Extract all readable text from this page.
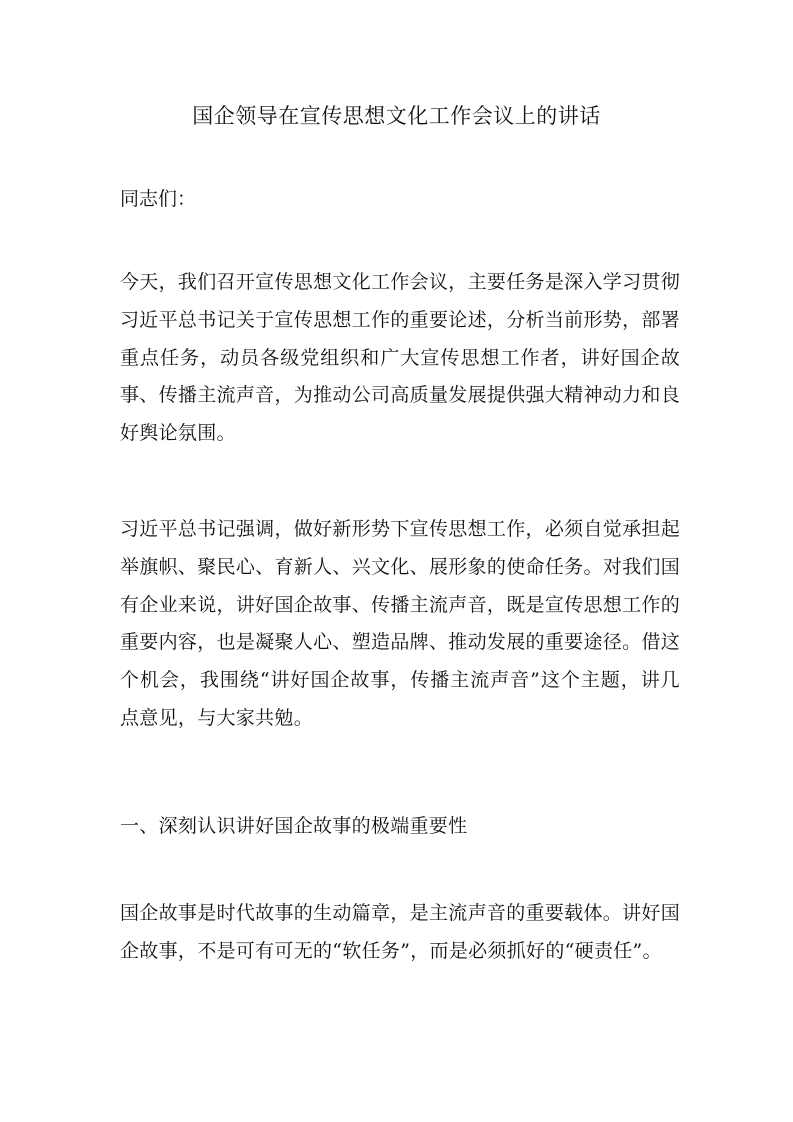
国企领导在宣传思想文化工作会议上的讲话
同志们：

今天，我们召开宣传思想文化工作会议，主要任务是深入学习贯彻习近平总书记关于宣传思想工作的重要论述，分析当前形势，部署重点任务，动员各级党组织和广大宣传思想工作者，讲好国企故事、传播主流声音，为推动公司高质量发展提供强大精神动力和良好舆论氛围。

习近平总书记强调，做好新形势下宣传思想工作，必须自觉承担起举旗帜、聚民心、育新人、兴文化、展形象的使命任务。对我们国有企业来说，讲好国企故事、传播主流声音，既是宣传思想工作的重要内容，也是凝聚人心、塑造品牌、推动发展的重要途径。借这个机会，我围绕“讲好国企故事，传播主流声音”这个主题，讲几点意见，与大家共勉。

一、深刻认识讲好国企故事的极端重要性

国企故事是时代故事的生动篇章，是主流声音的重要载体。讲好国企故事，不是可有可无的“软任务”，而是必须抓好的“硬责任”。
